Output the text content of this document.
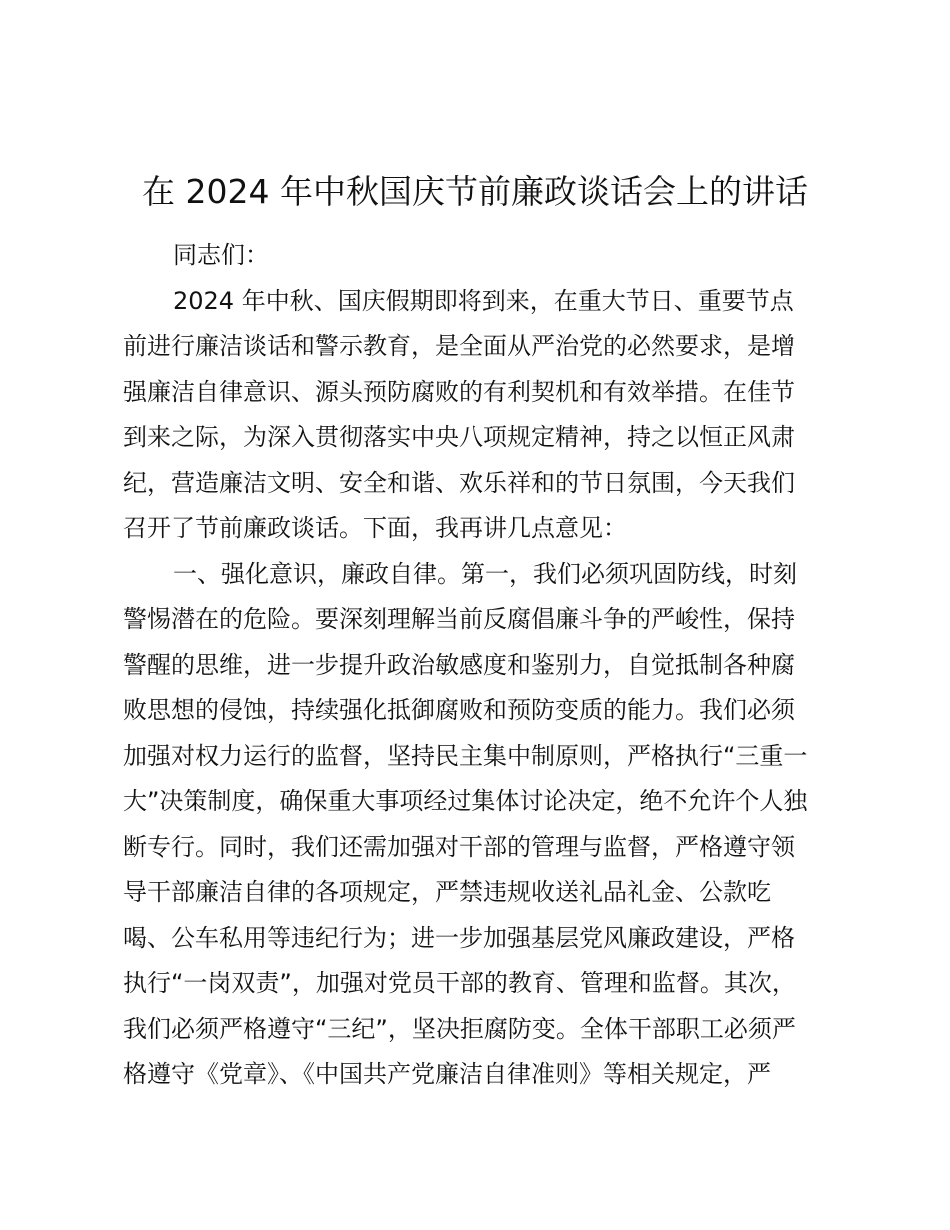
在 2024 年中秋国庆节前廉政谈话会上的讲话
同志们：
2024 年中秋、国庆假期即将到来，在重大节日、重要节点
前进行廉洁谈话和警示教育，是全面从严治党的必然要求，是增
强廉洁自律意识、源头预防腐败的有利契机和有效举措。在佳节
到来之际，为深入贯彻落实中央八项规定精神，持之以恒正风肃
纪，营造廉洁文明、安全和谐、欢乐祥和的节日氛围，今天我们
召开了节前廉政谈话。下面，我再讲几点意见：
一、强化意识，廉政自律。第一，我们必须巩固防线，时刻
警惕潜在的危险。要深刻理解当前反腐倡廉斗争的严峻性，保持
警醒的思维，进一步提升政治敏感度和鉴别力，自觉抵制各种腐
败思想的侵蚀，持续强化抵御腐败和预防变质的能力。我们必须
加强对权力运行的监督，坚持民主集中制原则，严格执行“三重一
大”决策制度，确保重大事项经过集体讨论决定，绝不允许个人独
断专行。同时，我们还需加强对干部的管理与监督，严格遵守领
导干部廉洁自律的各项规定，严禁违规收送礼品礼金、公款吃
喝、公车私用等违纪行为；进一步加强基层党风廉政建设，严格
执行“一岗双责”，加强对党员干部的教育、管理和监督。其次，
我们必须严格遵守“三纪”，坚决拒腐防变。全体干部职工必须严
格遵守《党章》、《中国共产党廉洁自律准则》等相关规定，严
